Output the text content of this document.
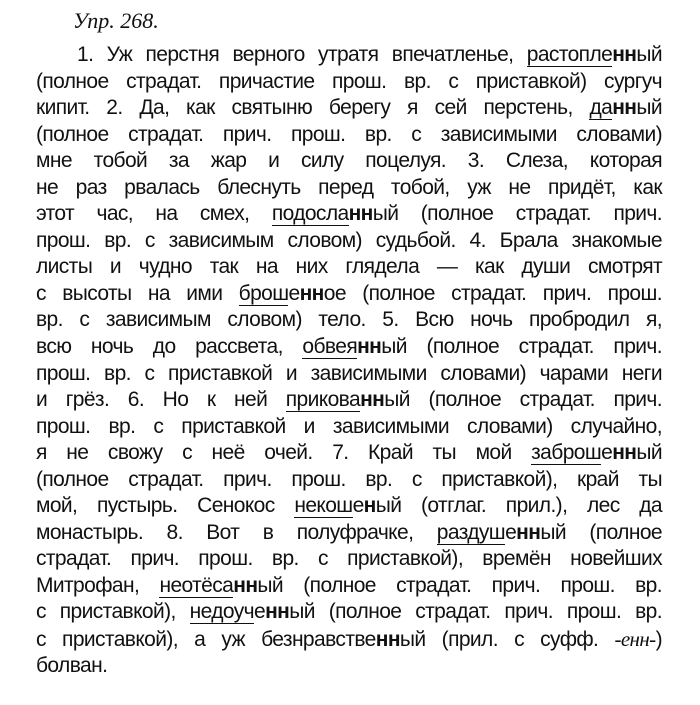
Упр. 268.
1. Уж перстня верного утратя впечатленье, растопленный
(полное страдат. причастие прош. вр. с приставкой) сургуч
кипит. 2. Да, как святыню берегу я сей перстень, данный
(полное страдат. прич. прош. вр. с зависимыми словами)
мне тобой за жар и силу поцелуя. 3. Слеза, которая
не раз рвалась блеснуть перед тобой, уж не придёт, как
этот час, на смех, подосланный (полное страдат. прич.
прош. вр. с зависимым словом) судьбой. 4. Брала знакомые
листы и чудно так на них глядела — как души смотрят
с высоты на ими брошенное (полное страдат. прич. прош.
вр. с зависимым словом) тело. 5. Всю ночь пробродил я,
всю ночь до рассвета, обвеянный (полное страдат. прич.
прош. вр. с приставкой и зависимыми словами) чарами неги
и грёз. 6. Но к ней прикованный (полное страдат. прич.
прош. вр. с приставкой и зависимыми словами) случайно,
я не свожу с неё очей. 7. Край ты мой заброшенный
(полное страдат. прич. прош. вр. с приставкой), край ты
мой, пустырь. Сенокос некошеный (отглаг. прил.), лес да
монастырь. 8. Вот в полуфрачке, раздушенный (полное
страдат. прич. прош. вр. с приставкой), времён новейших
Митрофан, неотёсанный (полное страдат. прич. прош. вр.
с приставкой), недоученный (полное страдат. прич. прош. вр.
с приставкой), а уж безнравственный (прил. с суфф. -енн-)
болван.
